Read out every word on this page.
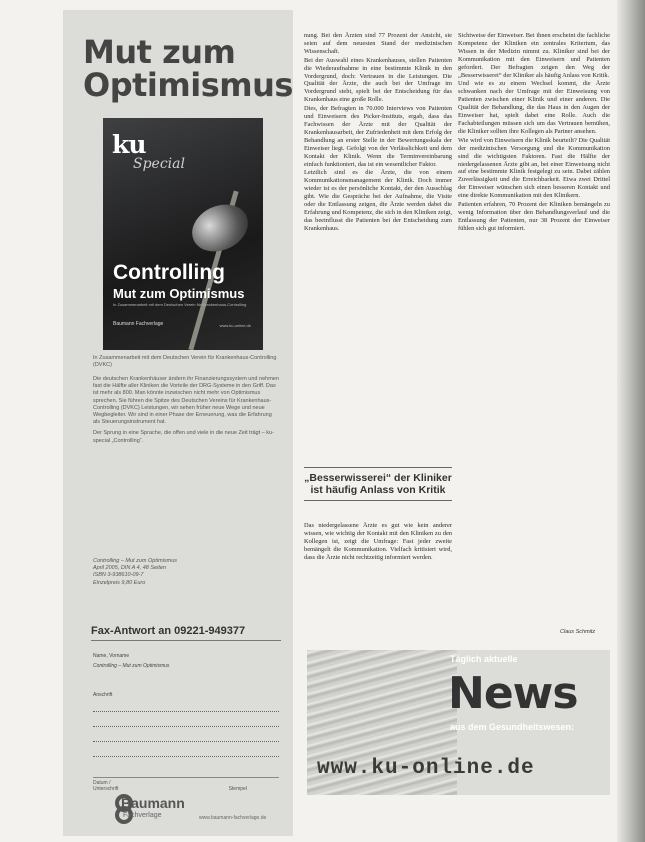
Mut zum Optimismus
ku
Special
Controlling
Mut zum Optimismus
In Zusammenarbeit mit dem Deutschen Verein für Krankenhaus-Controlling
Baumann Fachverlage	www.ku-online.de

In Zusammenarbeit mit dem Deutschen Verein für Krankenhaus-Controlling (DVKC)

Die deutschen Krankenhäuser ändern ihr Finanzierungssystem und nehmen fast die Hälfte aller Kliniken die Vorteile der DRG-Systeme in den Griff. Das ist mehr als 800. Man könnte inzwischen nicht mehr von Optimismus sprechen. Sie führen die Spitze des Deutschen Vereins für Krankenhaus-Controlling (DVKC) Leistungen, wir sehen früher neue Wege und neue Wegbegleiter. Wir sind in einer Phase der Erneuerung, was die Erfahrung als Steuerungsinstrument hat.

Der Sprung in eine Sprache, die offen und viele in die neue Zeit trägt – ku-special „Controlling“.

Controlling – Mut zum Optimismus
April 2005, DIN A 4, 48 Seiten
ISBN 3-938610-09-7
Einzelpreis 9,80 Euro
Fax-Antwort an 09221-949377
Name, Vorname
Controlling – Mut zum Optimismus
Anschrift
Datum / Unterschrift	Stempel
Baumann
Fachverlage	www.baumann-fachverlage.de

nung. Bei den Ärzten sind 77 Prozent der Ansicht, sie seien auf dem neuesten Stand der medizinischen Wissenschaft.

Bei der Auswahl eines Krankenhauses, stellen Patienten die Wiederaufnahme in eine bestimmte Klinik in den Vordergrund, doch: Vertrauen in die Leistungen. Die Qualität der Ärzte, die auch bei der Umfrage im Vordergrund steht, spielt bei der Entscheidung für das Krankenhaus eine große Rolle.

Dies, der Befragten in 70.000 Interviews von Patienten und Einweisern des Picker-Instituts, ergab, dass das Fachwissen der Ärzte mit der Qualität der Krankenhausarbeit, der Zufriedenheit mit dem Erfolg der Behandlung an erster Stelle in der Bewertungsskala der Einweiser liegt. Gefolgt von der Verlässlichkeit und dem Kontakt der Klinik. Wenn die Terminvereinbarung einfach funktioniert, das ist ein wesentlicher Faktor.

Letztlich sind es die Ärzte, die von einem Kommunikationsmanagement der Klinik. Doch immer wieder ist es der persönliche Kontakt, der den Ausschlag gibt. Wie die Gespräche bei der Aufnahme, die Visite oder die Entlassung zeigen, die Ärzte werden dabei die Erfahrung und Kompetenz, die sich in den Kliniken zeigt, das beeinflusst die Patienten bei der Entscheidung zum Krankenhaus.

„Besserwisserei“ der Kliniker ist häufig Anlass von Kritik

Das niedergelassene Ärzte es gut wie kein anderer wissen, wie wichtig der Kontakt mit den Kliniken zu den Kollegen ist, zeigt die Umfrage: Fast jeder zweite bemängelt die Kommunikation. Vielfach kritisiert wird, dass die Ärzte nicht rechtzeitig informiert werden.

Sichtweise der Einweiser. Bei ihnen erscheint die fachliche Kompetenz der Kliniken ein zentrales Kriterium, das Wissen in der Medizin nimmt zu. Kliniker sind bei der Kommunikation mit den Einweisern und Patienten gefordert. Der Befragten zeigen den Weg der „Besserwisserei“ der Kliniker als häufig Anlass von Kritik.

Und wie es zu einem Wechsel kommt, die Ärzte schwanken nach der Umfrage mit der Einweisung von Patienten zwischen einer Klinik und einer anderen. Die Qualität der Behandlung, die das Haus in den Augen der Einweiser hat, spielt dabei eine Rolle. Auch die Fachabteilungen müssen sich um das Vertrauen bemühen, die Kliniker sollten ihre Kollegen als Partner ansehen.

Wie wird von Einweisern die Klinik beurteilt? Die Qualität der medizinischen Versorgung und die Kommunikation sind die wichtigsten Faktoren. Fast die Hälfte der niedergelassenen Ärzte gibt an, bei einer Einweisung nicht auf eine bestimmte Klinik festgelegt zu sein. Dabei zählen Zuverlässigkeit und die Erreichbarkeit. Etwa zwei Drittel der Einweiser wünschen sich einen besseren Kontakt und eine direkte Kommunikation mit den Klinikern.

Patienten erfahren, 70 Prozent der Kliniken bemängeln zu wenig Information über den Behandlungsverlauf und die Entlassung der Patienten, nur 38 Prozent der Einweiser fühlen sich gut informiert.

Claus Schmitz
Täglich aktuelle
News
aus dem Gesundheitswesen:
www.ku-online.de
